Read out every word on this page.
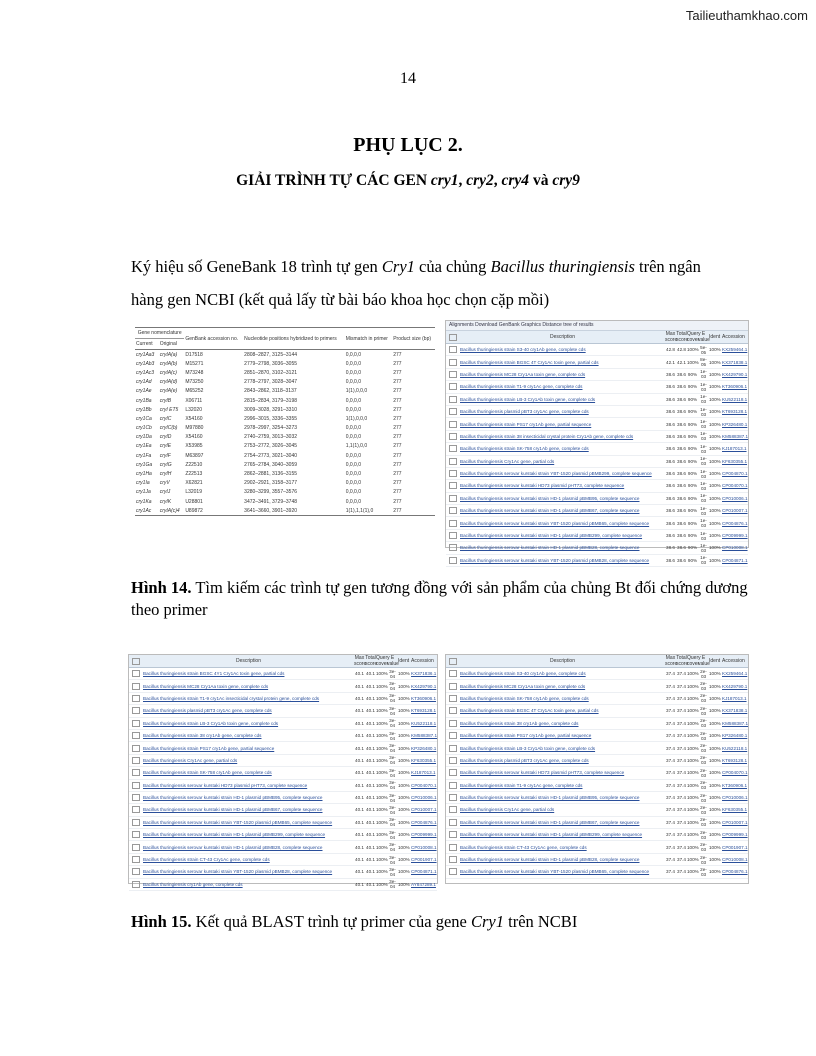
Tailieuthamkhao.com
14
PHỤ LỤC 2.
GIẢI TRÌNH TỰ CÁC GEN cry1, cry2, cry4 và cry9
Ký hiệu số GeneBank 18 trình tự gen Cry1 của chủng Bacillus thuringiensis trên ngân hàng gen NCBI (kết quả lấy từ bài báo khoa học chọn cặp mồi)
Gene nomenclature		GenBank accession no.	Nucleotide positions hybridized to primers	Mismatch in primer	Product size (bp)
Current	Original				
cry1Aa3	cryIA(a)	D17518	2808–2827, 3125–3144	0,0,0,0	277
cry1Ab3	cryIA(b)	M15271	2779–2798, 3036–3055	0,0,0,0	277
cry1Ac3	cryIA(c)	M73248	2851–2870, 3102–3121	0,0,0,0	277
cry1Ad	cryIA(d)	M73250	2778–2797, 3028–3047	0,0,0,0	277
cry1Ae	cryIA(e)	M65252	2843–2862, 3118–3137	1(1),0,0,0	277
cry1Ba	cryIB	X06711	2815–2834, 3179–3198	0,0,0,0	277
cry1Bb	cryI ET5	L32020	3009–3028, 3291–3310	0,0,0,0	277
cry1Ca	cryIC	X54160	2996–3015, 3336–3355	1(1),0,0,0	277
cry1Cb	cryIC(b)	M97880	2978–2997, 3254–3273	0,0,0,0	277
cry1Da	cryID	X54160	2740–2759, 3013–3032	0,0,0,0	277
cry1Ea	cryIE	X53985	2753–2772, 3026–3045	1,1(1),0,0	277
cry1Fa	cryIF	M63897	2754–2773, 3021–3040	0,0,0,0	277
cry1Ga	cryIG	Z22510	2765–2784, 3040–3059	0,0,0,0	277
cry1Ha	cryIH	Z22513	2862–2881, 3136–3155	0,0,0,0	277
cry1Ia	cryV	X62821	2902–2921, 3158–3177	0,0,0,0	277
cry1Ja	cryIJ	L32019	3280–3299, 3557–3576	0,0,0,0	277
cry1Ka	cryIK	U28801	3472–3491, 3729–3748	0,0,0,0	277
cry1Ac	cryIA(c)4	U89872	3641–3660, 3901–3920	1(1),1,1(1),0	277
Alignments Download GenBank Graphics Distance tree of results
Description	Max score
Total score
Query cover
E value Ident Accession
Bacillus thuringiensis strain S3-40 cry1Ab gene, complete cds	42.8 42.8 100% 5e-05 100% KX259464.1
Bacillus thuringiensis strain BGSC 4T Cry1Ac toxin gene, partial cds	42.1 42.1 100% 8e-05 100% KX371838.1
Bacillus thuringiensis MC28 Cry1Aa toxin gene, complete cds	38.6 38.6 90% 1e-03 100% KX429790.1
Bacillus thuringiensis strain T1-9 cry1Ac gene, complete cds	38.6 38.6 90% 1e-03 100% KT360906.1
Bacillus thuringiensis strain LB-3 Cry1Ab toxin gene, complete cds	38.6 38.6 90% 1e-03 100% KU522118.1
Bacillus thuringiensis plasmid pBT3 cry1Ac gene, complete cds	38.6 38.6 90% 1e-03 100% KT693128.1
Bacillus thuringiensis strain PS17 cry1Ab gene, partial sequence	38.6 38.6 90% 1e-03 100% KP326480.1
Bacillus thuringiensis strain 38 insecticidal crystal protein Cry1Ab gene, complete cds	38.6 38.6 90% 1e-03 100% KM588387.1
Bacillus thuringiensis strain SK-758 cry1Ab gene, complete cds	38.6 38.6 90% 1e-03 100% KJ187013.1
Bacillus thuringiensis Cry1Ac gene, partial cds	38.6 38.6 90% 1e-03 100% KF630355.1
Bacillus thuringiensis serovar kurstaki strain YBT-1520 plasmid pBMB299, complete sequence	38.6 38.6 90% 1e-03 100% CP004870.1
Bacillus thuringiensis serovar kurstaki HD73 plasmid pHT73, complete sequence	38.6 38.6 90% 1e-03 100% CP004070.1
Bacillus thuringiensis serovar kurstaki strain HD-1 plasmid pBMB95, complete sequence	38.6 38.6 90% 1e-03 100% CP010006.1
Bacillus thuringiensis serovar kurstaki strain HD-1 plasmid pBMB67, complete sequence	38.6 38.6 90% 1e-03 100% CP010007.1
Bacillus thuringiensis serovar kurstaki strain YBT-1520 plasmid pBMB65, complete sequence	38.6 38.6 90% 1e-03 100% CP004876.1
Bacillus thuringiensis serovar kurstaki strain HD-1 plasmid pBMB299, complete sequence	38.6 38.6 90% 1e-03 100% CP009999.1
Bacillus thuringiensis serovar kurstaki strain HD-1 plasmid pBMB28, complete sequence	38.6 38.6 90% 1e-03 100% CP010008.1
Bacillus thuringiensis serovar kurstaki strain YBT-1520 plasmid pBMB28, complete sequence	38.6 38.6 90% 1e-03 100% CP004871.1
Hình 14. Tìm kiếm các trình tự gen tương đồng với sản phẩm của chủng Bt đối chứng dương theo primer
Description	Max score
Total score
Query cover
E value Ident Accession
Bacillus thuringiensis strain BGSC 4Y1 Cry1Ac toxin gene, partial cds	40.1 40.1 100% 3e-04 100% KX371836.1
Bacillus thuringiensis MC28 Cry1Aa toxin gene, complete cds	40.1 40.1 100% 3e-04 100% KX429790.1
Bacillus thuringiensis strain T1-9 cry1Ac insecticidal crystal protein gene, complete cds	40.1 40.1 100% 3e-04 100% KT360906.1
Bacillus thuringiensis plasmid pBT3 cry1Ac gene, complete cds	40.1 40.1 100% 3e-04 100% KT693128.1
Bacillus thuringiensis strain LB-3 Cry1Ab toxin gene, complete cds	40.1 40.1 100% 3e-04 100% KU522118.1
Bacillus thuringiensis strain 38 cry1Ab gene, complete cds	40.1 40.1 100% 3e-04 100% KM588387.1
Bacillus thuringiensis strain PS17 cry1Ab gene, partial sequence	40.1 40.1 100% 3e-04 100% KP326480.1
Bacillus thuringiensis Cry1Ac gene, partial cds	40.1 40.1 100% 3e-04 100% KF630355.1
Bacillus thuringiensis strain SK-758 cry1Ab gene, complete cds	40.1 40.1 100% 3e-04 100% KJ187013.1
Bacillus thuringiensis serovar kurstaki HD73 plasmid pHT73, complete sequence	40.1 40.1 100% 3e-04 100% CP004070.1
Bacillus thuringiensis serovar kurstaki strain HD-1 plasmid pBMB95, complete sequence	40.1 40.1 100% 3e-04 100% CP010006.1
Bacillus thuringiensis serovar kurstaki strain HD-1 plasmid pBMB67, complete sequence	40.1 40.1 100% 3e-04 100% CP010007.1
Bacillus thuringiensis serovar kurstaki strain YBT-1520 plasmid pBMB65, complete sequence	40.1 40.1 100% 3e-04 100% CP004876.1
Bacillus thuringiensis serovar kurstaki strain HD-1 plasmid pBMB299, complete sequence	40.1 40.1 100% 3e-04 100% CP009999.1
Bacillus thuringiensis serovar kurstaki strain HD-1 plasmid pBMB28, complete sequence	40.1 40.1 100% 3e-04 100% CP010008.1
Bacillus thuringiensis strain CT-43 Cry1Ac gene, complete cds	40.1 40.1 100% 3e-04 100% CP001907.1
Bacillus thuringiensis serovar kurstaki strain YBT-1520 plasmid pBMB28, complete sequence	40.1 40.1 100% 3e-04 100% CP004871.1
Bacillus thuringiensis cry1Ab gene, complete cds	40.1 40.1 100% 3e-04 100% AY847289.1
Description	Max score
Total score
Query cover
E value Ident Accession
Bacillus thuringiensis strain S3-40 cry1Ab gene, complete cds	37.4 37.4 100% 2e-03 100% KX259464.1
Bacillus thuringiensis MC28 Cry1Aa toxin gene, complete cds	37.4 37.4 100% 2e-03 100% KX429790.1
Bacillus thuringiensis strain SK-758 cry1Ab gene, complete cds	37.4 37.4 100% 2e-03 100% KJ187013.1
Bacillus thuringiensis strain BGSC 4T Cry1Ac toxin gene, partial cds	37.4 37.4 100% 2e-03 100% KX371838.1
Bacillus thuringiensis strain 38 cry1Ab gene, complete cds	37.4 37.4 100% 2e-03 100% KM588387.1
Bacillus thuringiensis strain PS17 cry1Ab gene, partial sequence	37.4 37.4 100% 2e-03 100% KP326480.1
Bacillus thuringiensis strain LB-3 Cry1Ab toxin gene, complete cds	37.4 37.4 100% 2e-03 100% KU522118.1
Bacillus thuringiensis plasmid pBT3 cry1Ac gene, complete cds	37.4 37.4 100% 2e-03 100% KT693128.1
Bacillus thuringiensis serovar kurstaki HD73 plasmid pHT73, complete sequence	37.4 37.4 100% 2e-03 100% CP004070.1
Bacillus thuringiensis strain T1-9 cry1Ac gene, complete cds	37.4 37.4 100% 2e-03 100% KT360906.1
Bacillus thuringiensis serovar kurstaki strain HD-1 plasmid pBMB95, complete sequence	37.4 37.4 100% 2e-03 100% CP010006.1
Bacillus thuringiensis Cry1Ac gene, partial cds	37.4 37.4 100% 2e-03 100% KF630355.1
Bacillus thuringiensis serovar kurstaki strain HD-1 plasmid pBMB67, complete sequence	37.4 37.4 100% 2e-03 100% CP010007.1
Bacillus thuringiensis serovar kurstaki strain HD-1 plasmid pBMB299, complete sequence	37.4 37.4 100% 2e-03 100% CP009999.1
Bacillus thuringiensis strain CT-43 Cry1Ac gene, complete cds	37.4 37.4 100% 2e-03 100% CP001907.1
Bacillus thuringiensis serovar kurstaki strain HD-1 plasmid pBMB28, complete sequence	37.4 37.4 100% 2e-03 100% CP010008.1
Bacillus thuringiensis serovar kurstaki strain YBT-1520 plasmid pBMB65, complete sequence	37.4 37.4 100% 2e-03 100% CP004876.1
Hình 15. Kết quả BLAST trình tự primer của gene Cry1 trên NCBI
